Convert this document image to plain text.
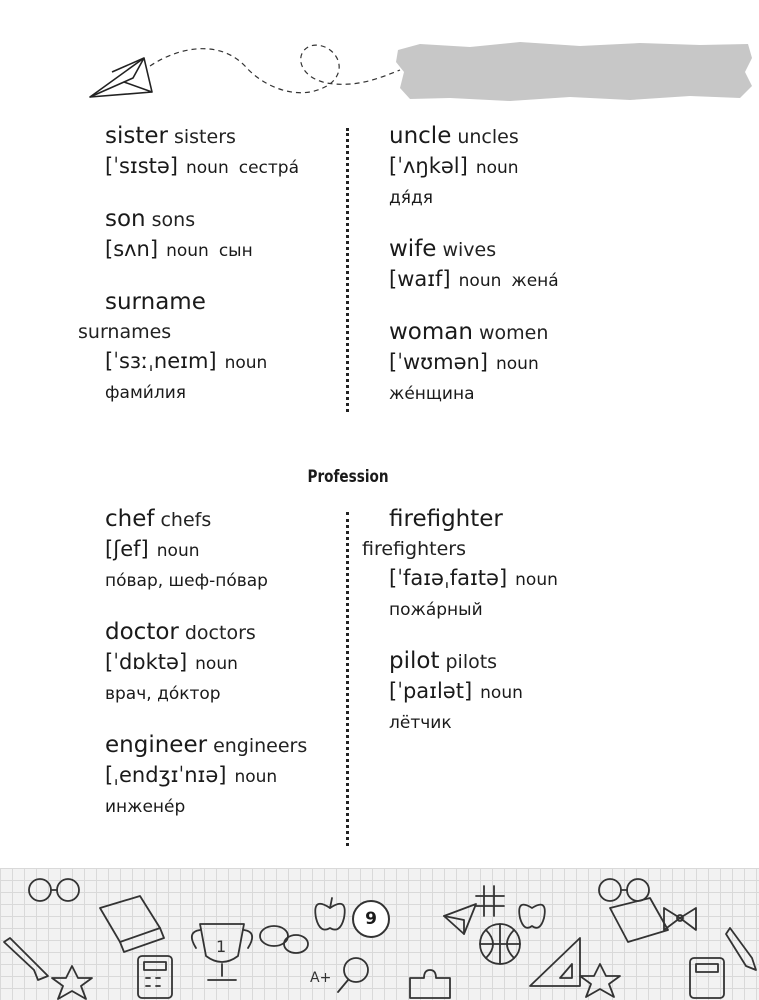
sister sisters
[ˈsɪstə] noun сестра́
son sons
[sʌn] noun сын
surname
surnames
[ˈsɜːˌneɪm] noun
фами́лия
uncle uncles
[ˈʌŋkəl] noun
дя́дя
wife wives
[waɪf] noun жена́
woman women
[ˈwʊmən] noun
же́нщина
Profession
chef chefs
[ʃef] noun
по́вар, шеф-по́вар
doctor doctors
[ˈdɒktə] noun
врач, до́ктор
engineer engineers
[ˌendʒɪˈnɪə] noun
инжене́р
firefighter
firefighters
[ˈfaɪəˌfaɪtə] noun
пожа́рный
pilot pilots
[ˈpaɪlət] noun
лётчик
1
A+
9
